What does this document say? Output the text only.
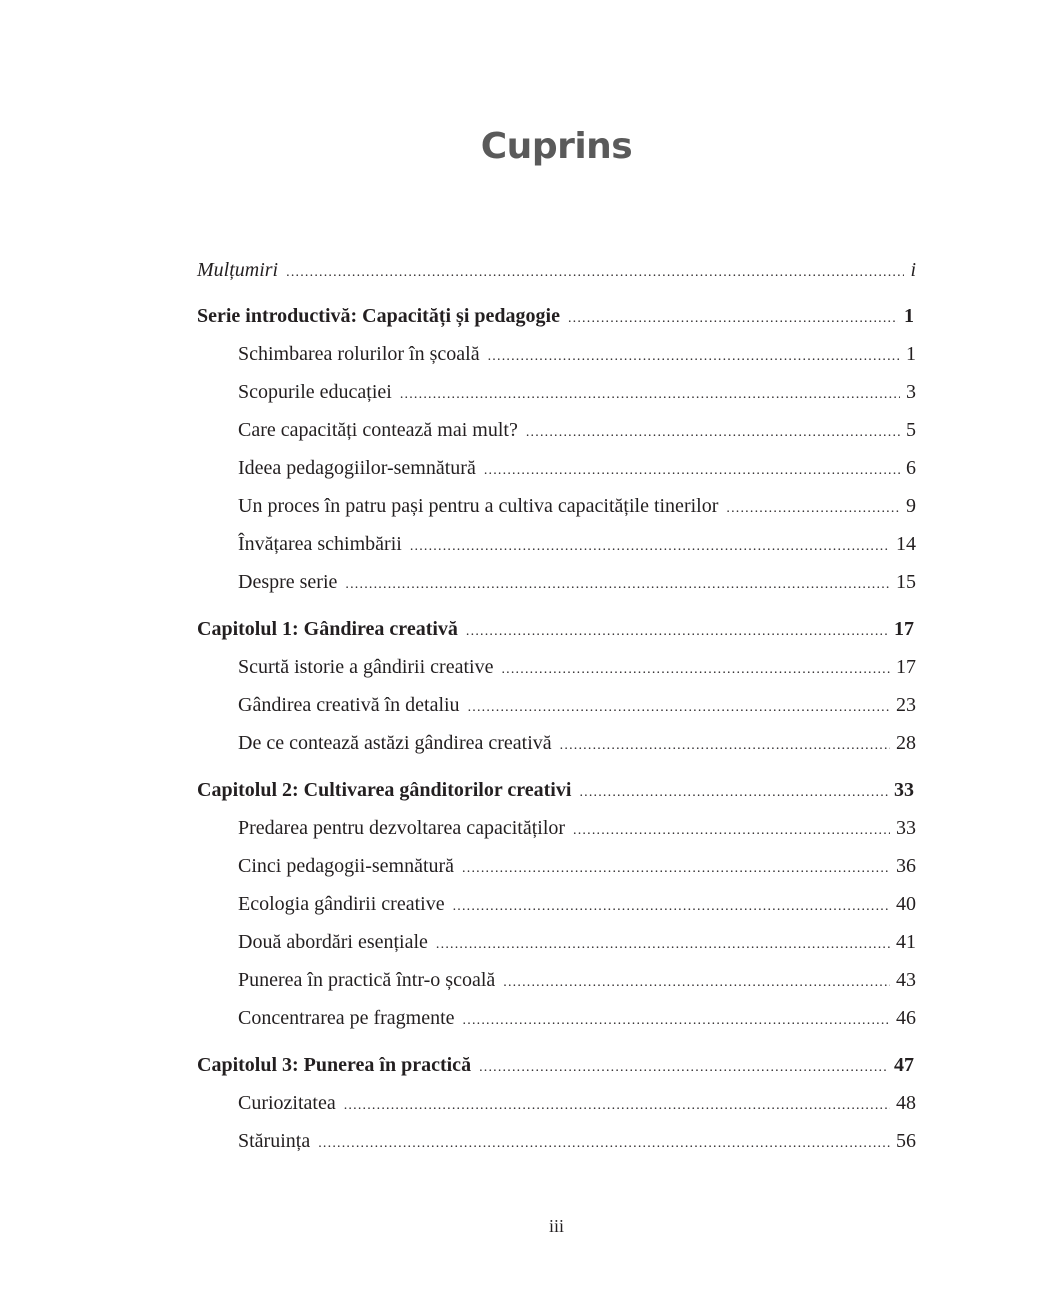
Cuprins
Mulțumiri .....	i
Serie introductivă: Capacități și pedagogie .....	1
Schimbarea rolurilor în școală .....	1
Scopurile educației .....	3
Care capacități contează mai mult? .....	5
Ideea pedagogiilor-semnătură .....	6
Un proces în patru pași pentru a cultiva capacitățile tinerilor .....	9
Învățarea schimbării .....	14
Despre serie .....	15
Capitolul 1: Gândirea creativă .....	17
Scurtă istorie a gândirii creative .....	17
Gândirea creativă în detaliu .....	23
De ce contează astăzi gândirea creativă .....	28
Capitolul 2: Cultivarea gânditorilor creativi .....	33
Predarea pentru dezvoltarea capacităților .....	33
Cinci pedagogii-semnătură .....	36
Ecologia gândirii creative .....	40
Două abordări esențiale .....	41
Punerea în practică într-o școală .....	43
Concentrarea pe fragmente .....	46
Capitolul 3: Punerea în practică .....	47
Curiozitatea .....	48
Stăruința .....	56
iii
